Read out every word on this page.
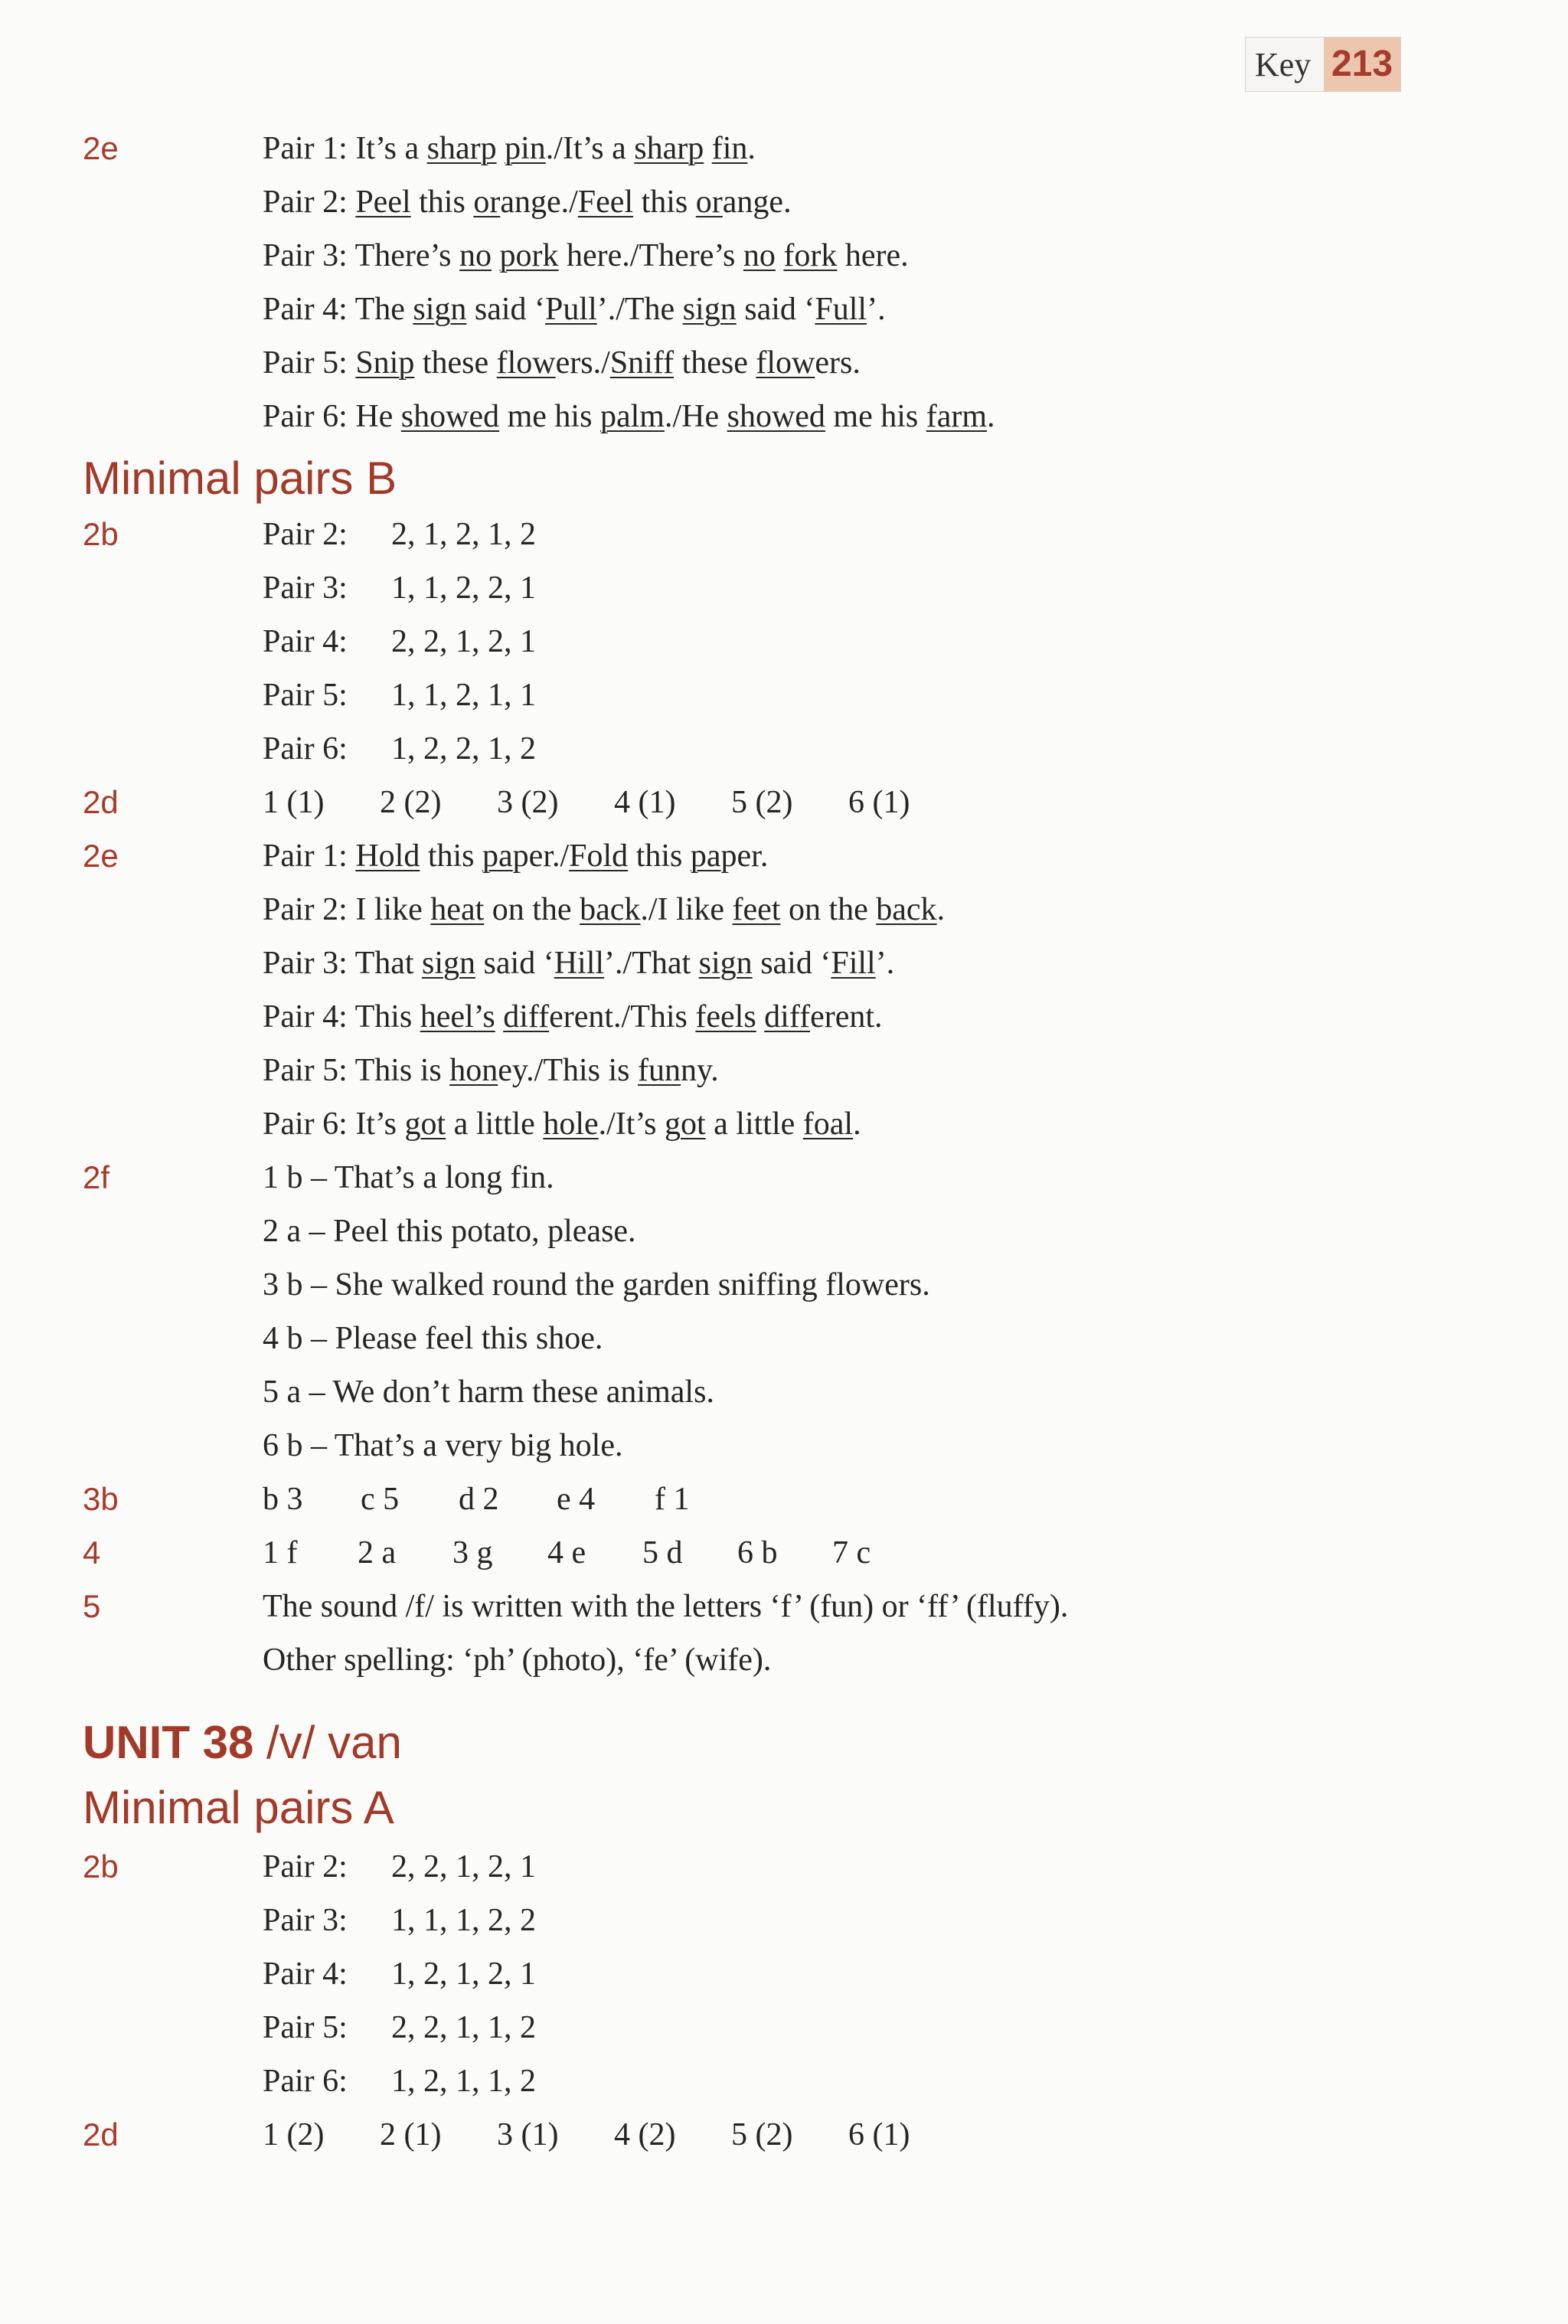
Key 213
2e	Pair 1: It’s a sharp pin./It’s a sharp fin.
Pair 2: Peel this orange./Feel this orange.
Pair 3: There’s no pork here./There’s no fork here.
Pair 4: The sign said ‘Pull’./The sign said ‘Full’.
Pair 5: Snip these flowers./Sniff these flowers.
Pair 6: He showed me his palm./He showed me his farm.
Minimal pairs B
2b	Pair 2:	2, 1, 2, 1, 2
Pair 3:	1, 1, 2, 2, 1
Pair 4:	2, 2, 1, 2, 1
Pair 5:	1, 1, 2, 1, 1
Pair 6:	1, 2, 2, 1, 2
2d	1 (1)	2 (2)	3 (2)	4 (1)	5 (2)	6 (1)
2e	Pair 1: Hold this paper./Fold this paper.
Pair 2: I like heat on the back./I like feet on the back.
Pair 3: That sign said ‘Hill’./That sign said ‘Fill’.
Pair 4: This heel’s different./This feels different.
Pair 5: This is honey./This is funny.
Pair 6: It’s got a little hole./It’s got a little foal.
2f	1 b – That’s a long fin.
2 a – Peel this potato, please.
3 b – She walked round the garden sniffing flowers.
4 b – Please feel this shoe.
5 a – We don’t harm these animals.
6 b – That’s a very big hole.
3b	b 3	c 5	d 2	e 4	f 1
4	1 f	2 a	3 g	4 e	5 d	6 b	7 c
5	The sound /f/ is written with the letters ‘f’ (fun) or ‘ff’ (fluffy).
Other spelling: ‘ph’ (photo), ‘fe’ (wife).
UNIT 38 /v/ van
Minimal pairs A
2b	Pair 2:	2, 2, 1, 2, 1
Pair 3:	1, 1, 1, 2, 2
Pair 4:	1, 2, 1, 2, 1
Pair 5:	2, 2, 1, 1, 2
Pair 6:	1, 2, 1, 1, 2
2d	1 (2)	2 (1)	3 (1)	4 (2)	5 (2)	6 (1)
